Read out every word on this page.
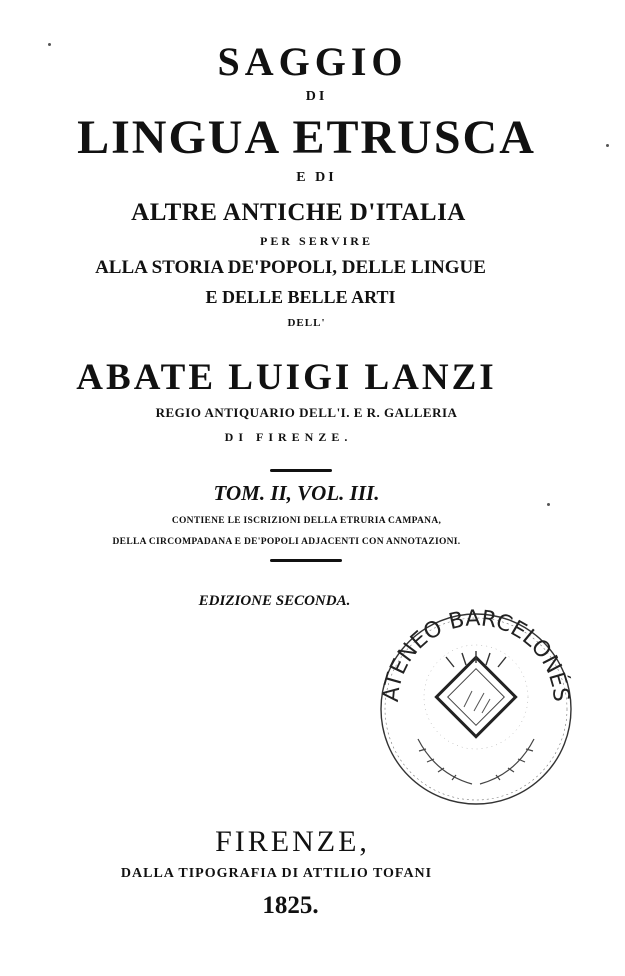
SAGGIO
DI
LINGUA ETRUSCA
E DI
ALTRE ANTICHE D'ITALIA
PER SERVIRE
ALLA STORIA DE'POPOLI, DELLE LINGUE
E DELLE BELLE ARTI
DELL'
ABATE LUIGI LANZI
REGIO ANTIQUARIO DELL'I. E R. GALLERIA
DI FIRENZE.
TOM. II, VOL. III.
CONTIENE LE ISCRIZIONI DELLA ETRURIA CAMPANA,
DELLA CIRCOMPADANA E DE'POPOLI ADJACENTI CON ANNOTAZIONI.
EDIZIONE SECONDA.
ATENEO BARCELONÉS
FIRENZE,
DALLA TIPOGRAFIA DI ATTILIO TOFANI
1825.
